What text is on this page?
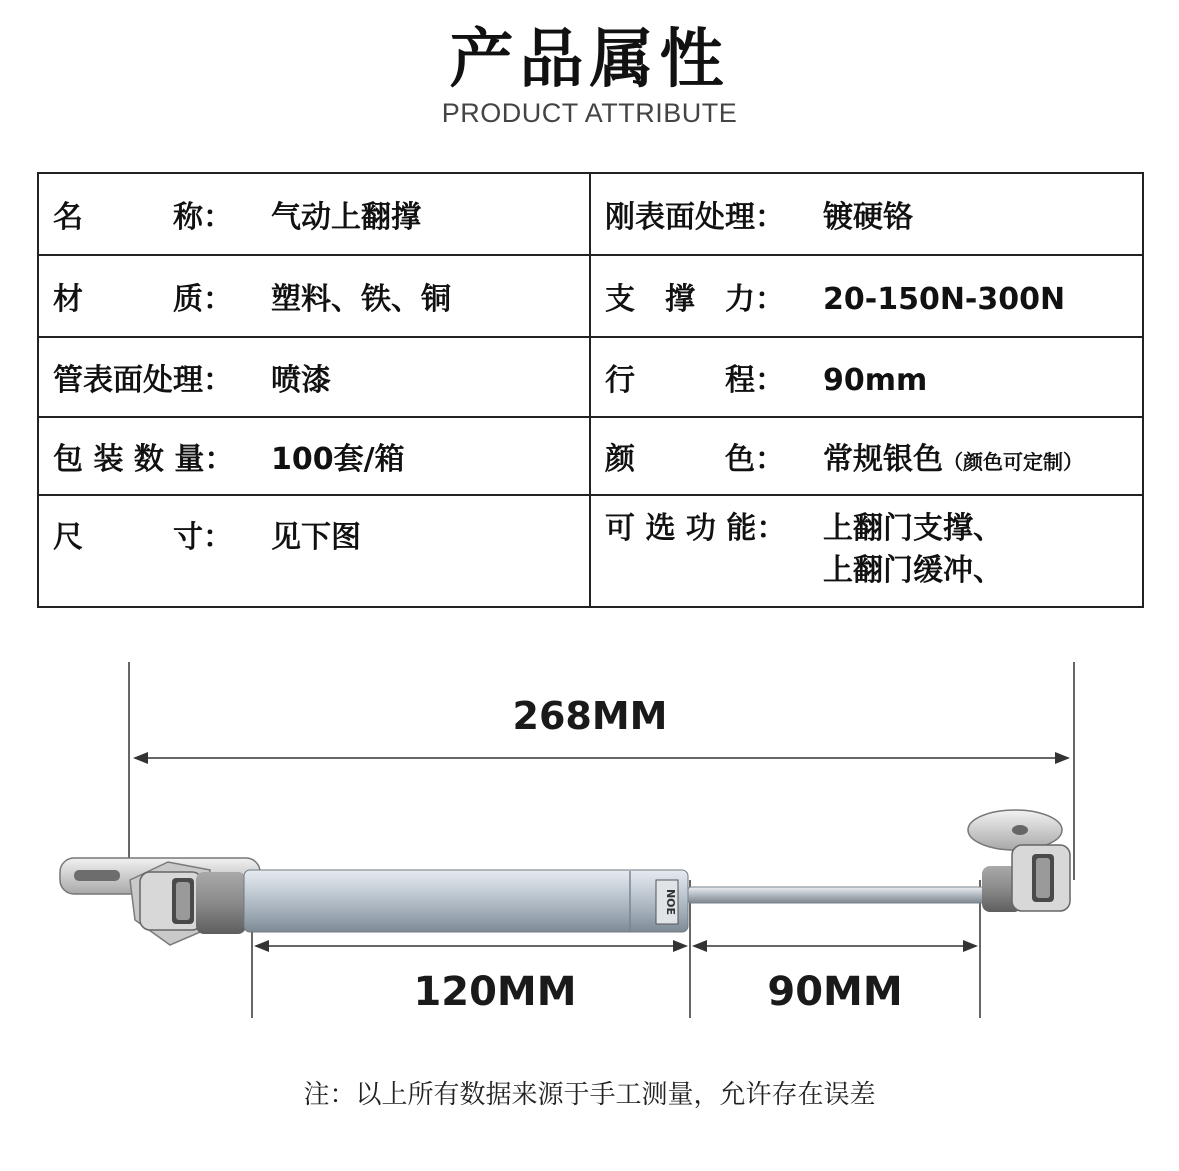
产品属性
PRODUCT ATTRIBUTE
名　　　称： 气动上翻撑	刚表面处理： 镀硬铬
材　　　质： 塑料、铁、铜	支　撑　力： 20-150N-300N
管表面处理： 喷漆	行　　　程： 90mm
包 装 数 量： 100套/箱	颜　　　色： 常规银色（颜色可定制）
尺　　　寸： 见下图	可 选 功 能： 上翻门支撑、
上翻门缓冲、
NOE
268MM
120MM	90MM
注：以上所有数据来源于手工测量，允许存在误差
